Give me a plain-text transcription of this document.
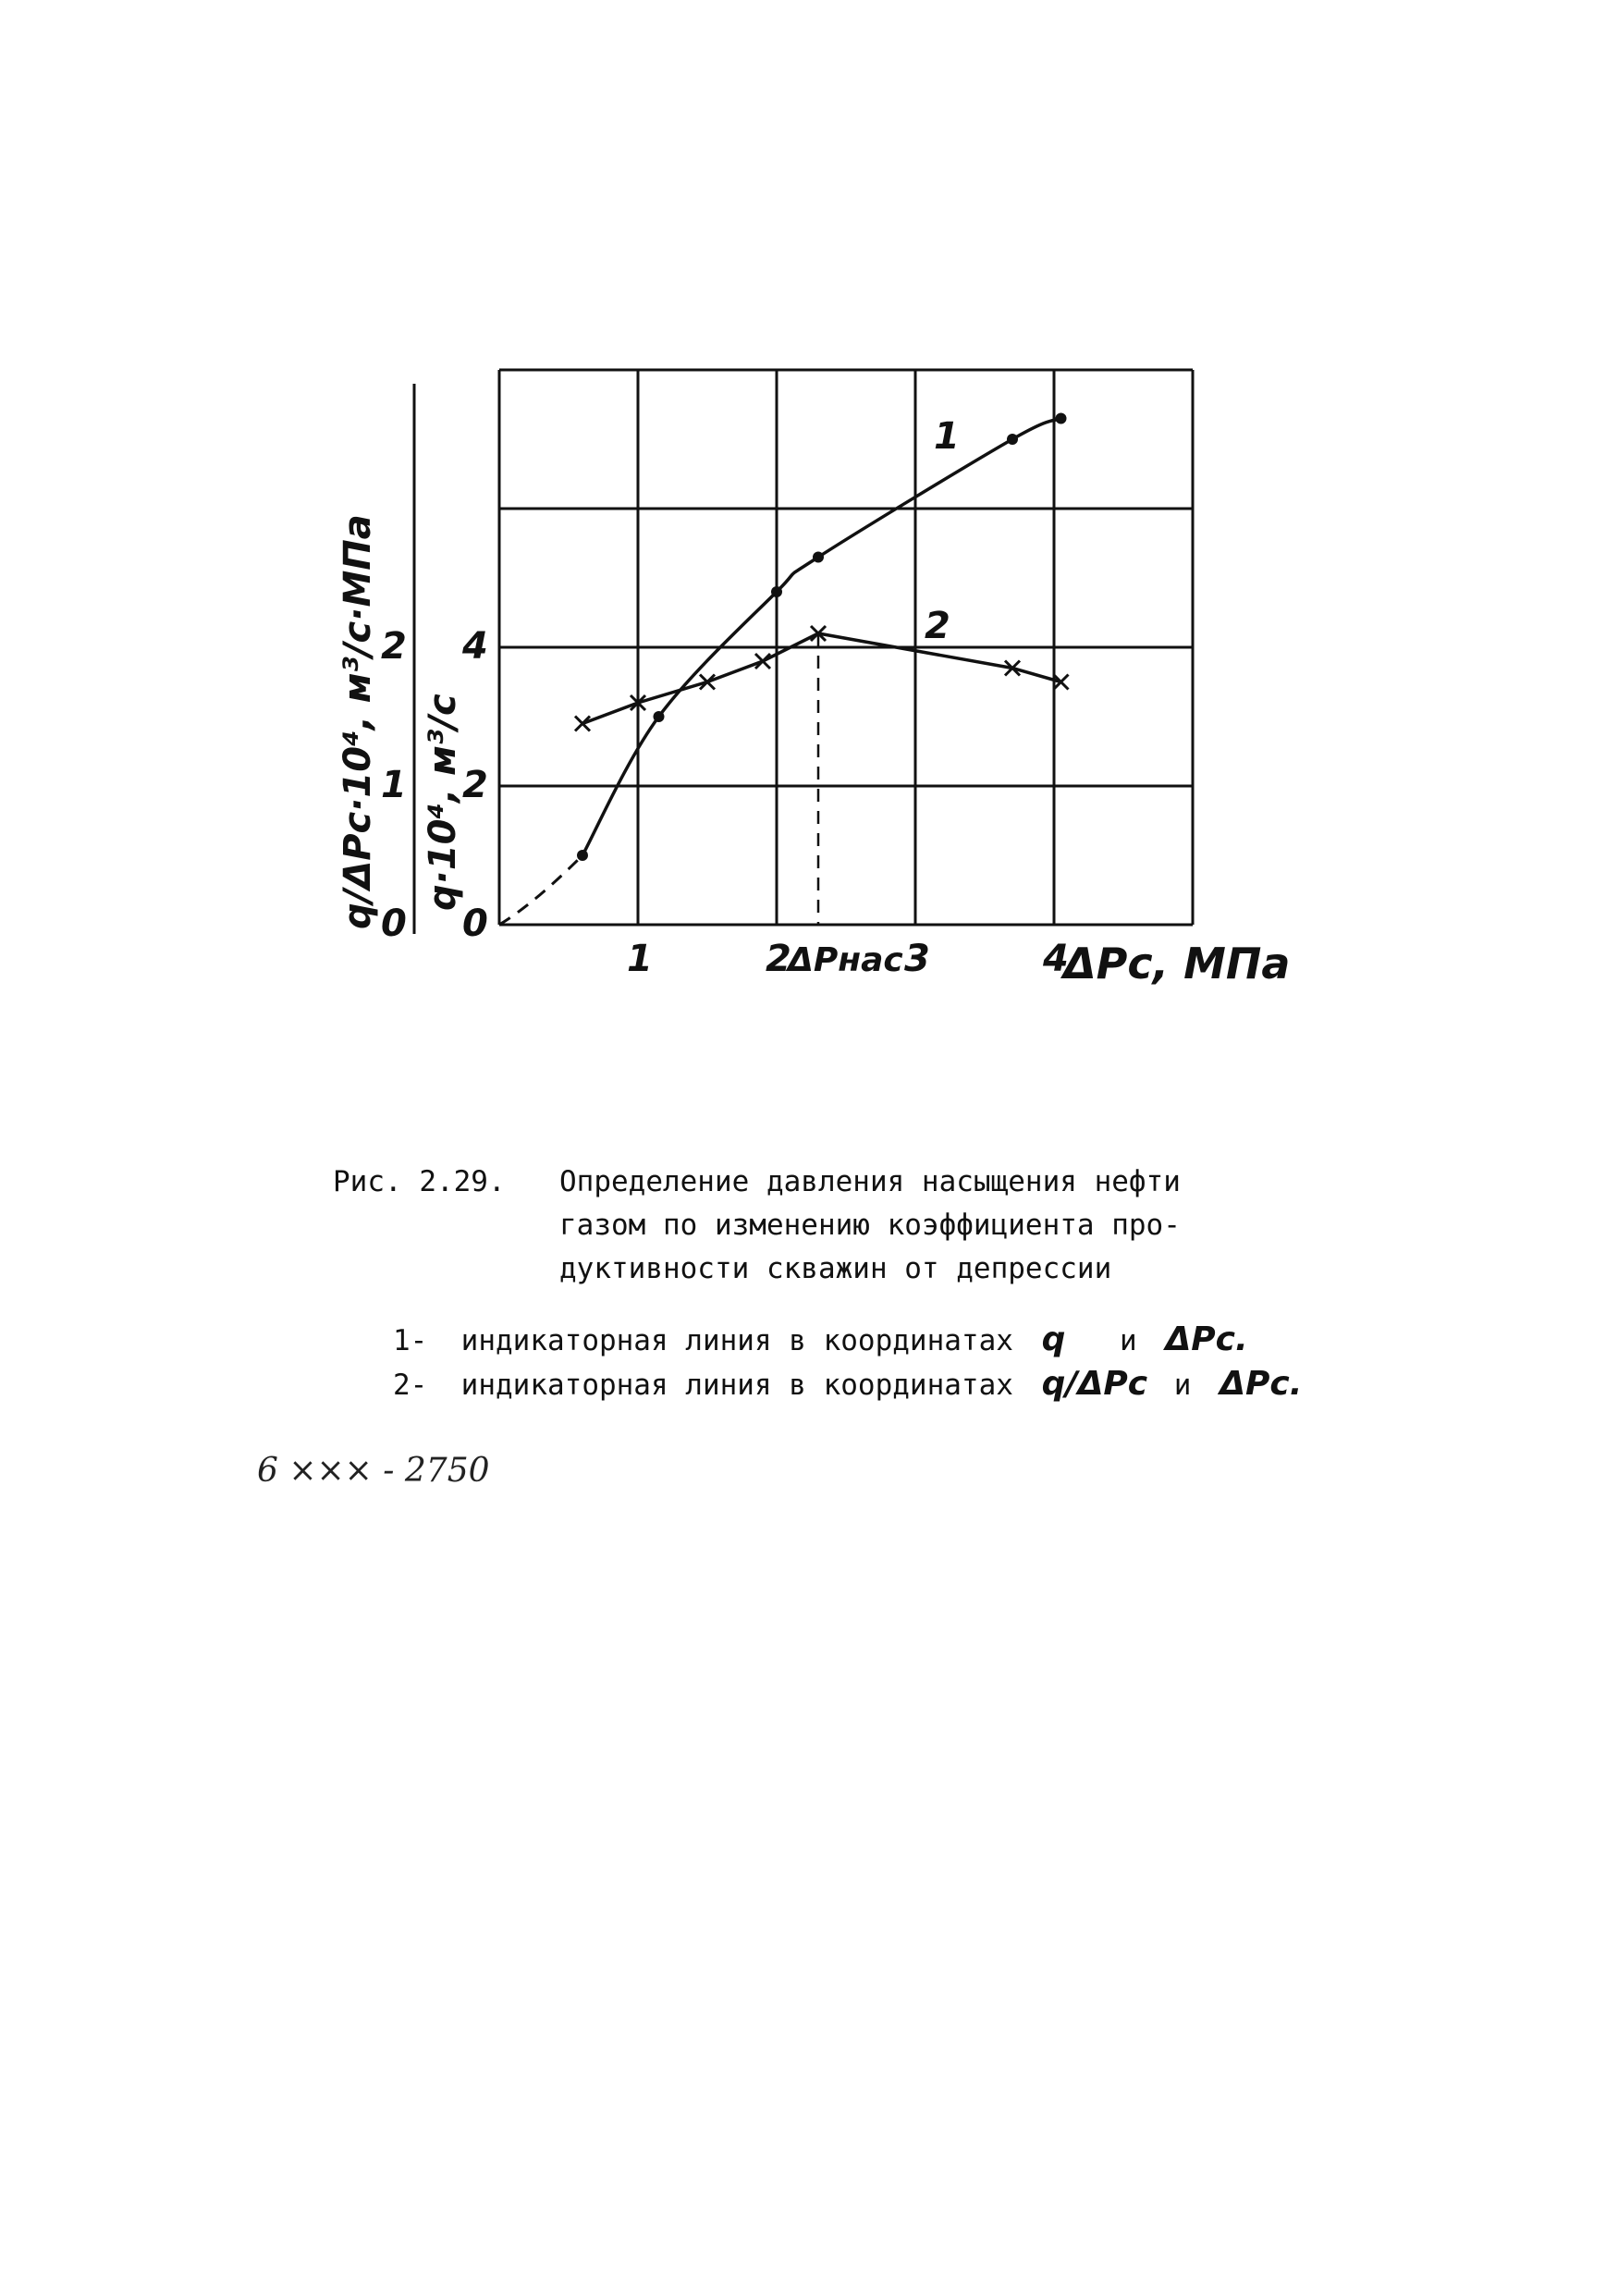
1	2	3	4
0
2
4
0
1
2
1
2
ΔPс, МПа
ΔPнас
q/ΔPс·10⁴, м³/с·МПа q·10⁴, м³/с
Рис. 2.29. Определение давления насыщения нефти
газом по изменению коэффициента про-
дуктивности скважин от депрессии
1- индикаторная линия в координатах q и ΔPс.
2- индикаторная линия в координатах q/ΔPс и ΔPс.
6 ××× - 2750
